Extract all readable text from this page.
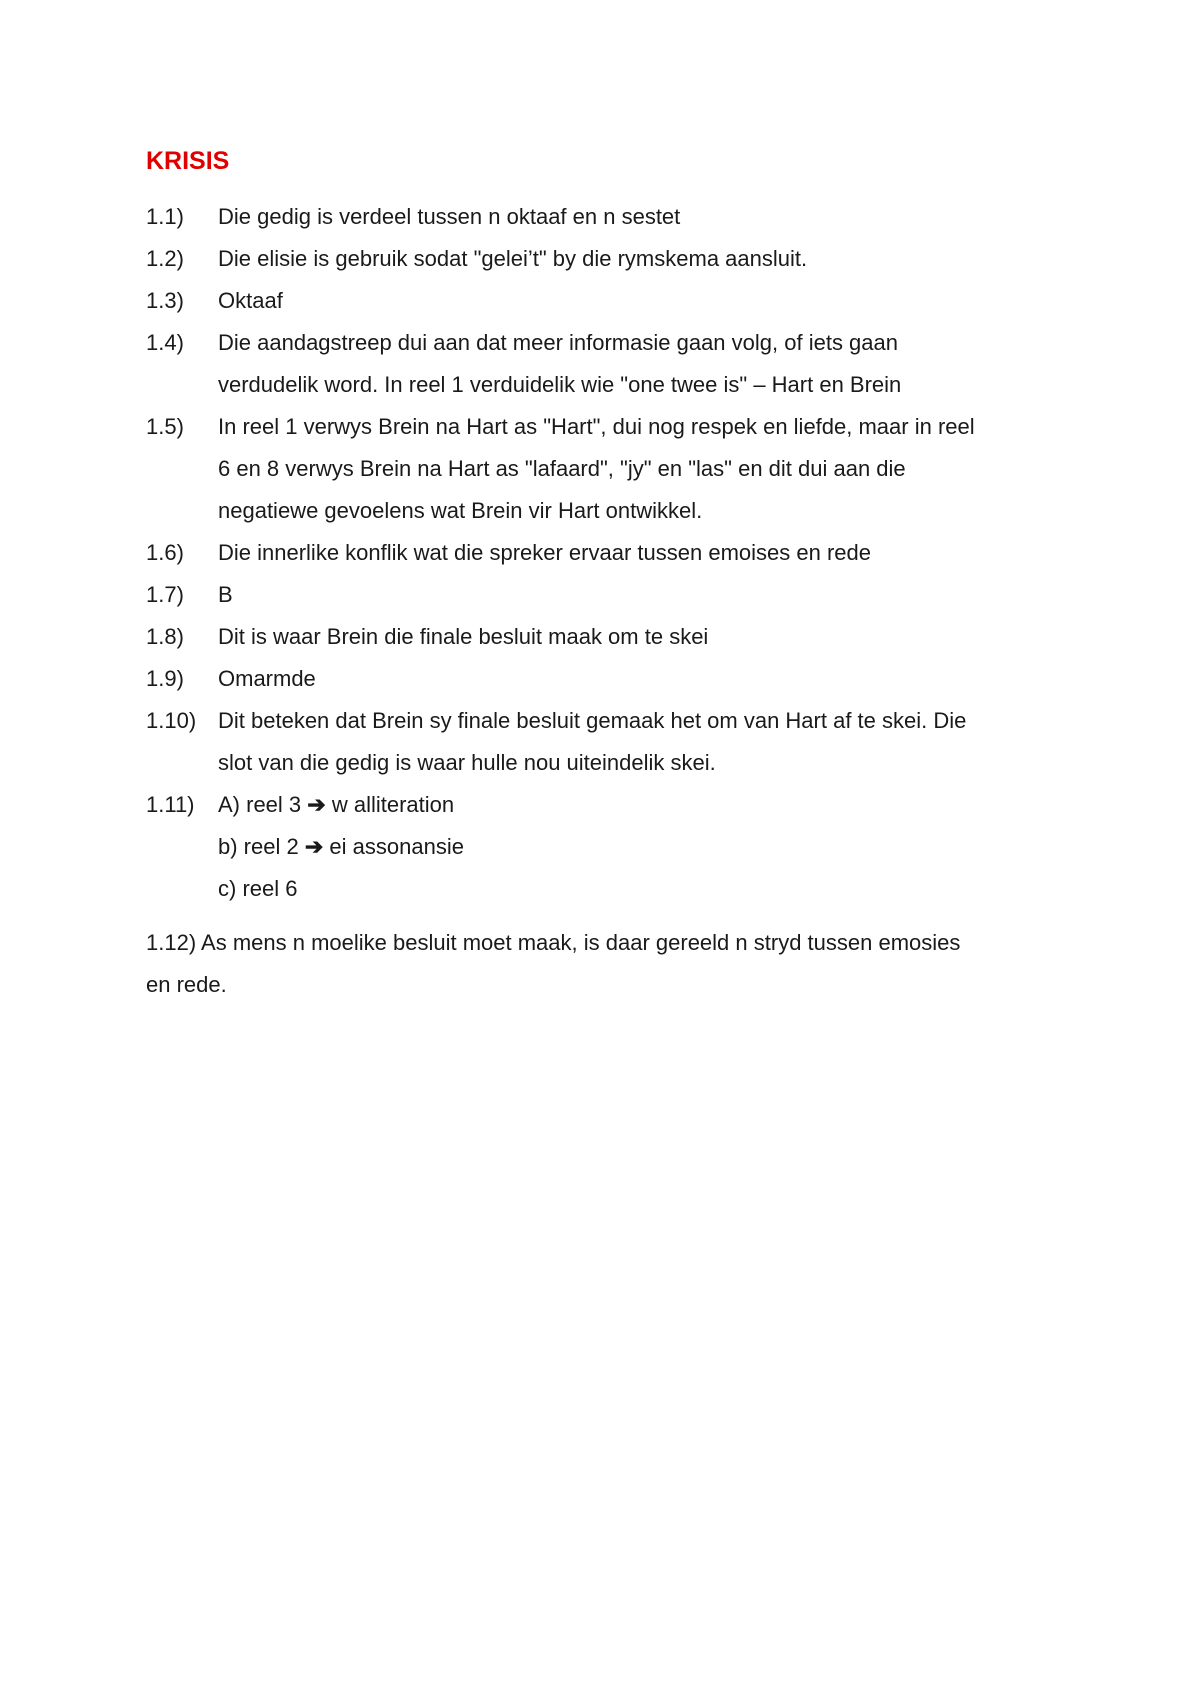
KRISIS
1.1)	Die gedig is verdeel tussen n oktaaf en n sestet
1.2)	Die elisie is gebruik sodat "gelei’t" by die rymskema aansluit.
1.3)	Oktaaf
1.4)	Die aandagstreep dui aan dat meer informasie gaan volg, of iets gaan
verdudelik word. In reel 1 verduidelik wie "one twee is" – Hart en Brein
1.5)	In reel 1 verwys Brein na Hart as "Hart", dui nog respek en liefde, maar in reel
6 en 8 verwys Brein na Hart as "lafaard", "jy" en "las" en dit dui aan die
negatiewe gevoelens wat Brein vir Hart ontwikkel.
1.6)	Die innerlike konflik wat die spreker ervaar tussen emoises en rede
1.7)	B
1.8)	Dit is waar Brein die finale besluit maak om te skei
1.9)	Omarmde
1.10) Dit beteken dat Brein sy finale besluit gemaak het om van Hart af te skei. Die
slot van die gedig is waar hulle nou uiteindelik skei.
1.11)	A) reel 3 ➔ w alliteration
b) reel 2 ➔ ei assonansie
c) reel 6
1.12) As mens n moelike besluit moet maak, is daar gereeld n stryd tussen emosies
en rede.
